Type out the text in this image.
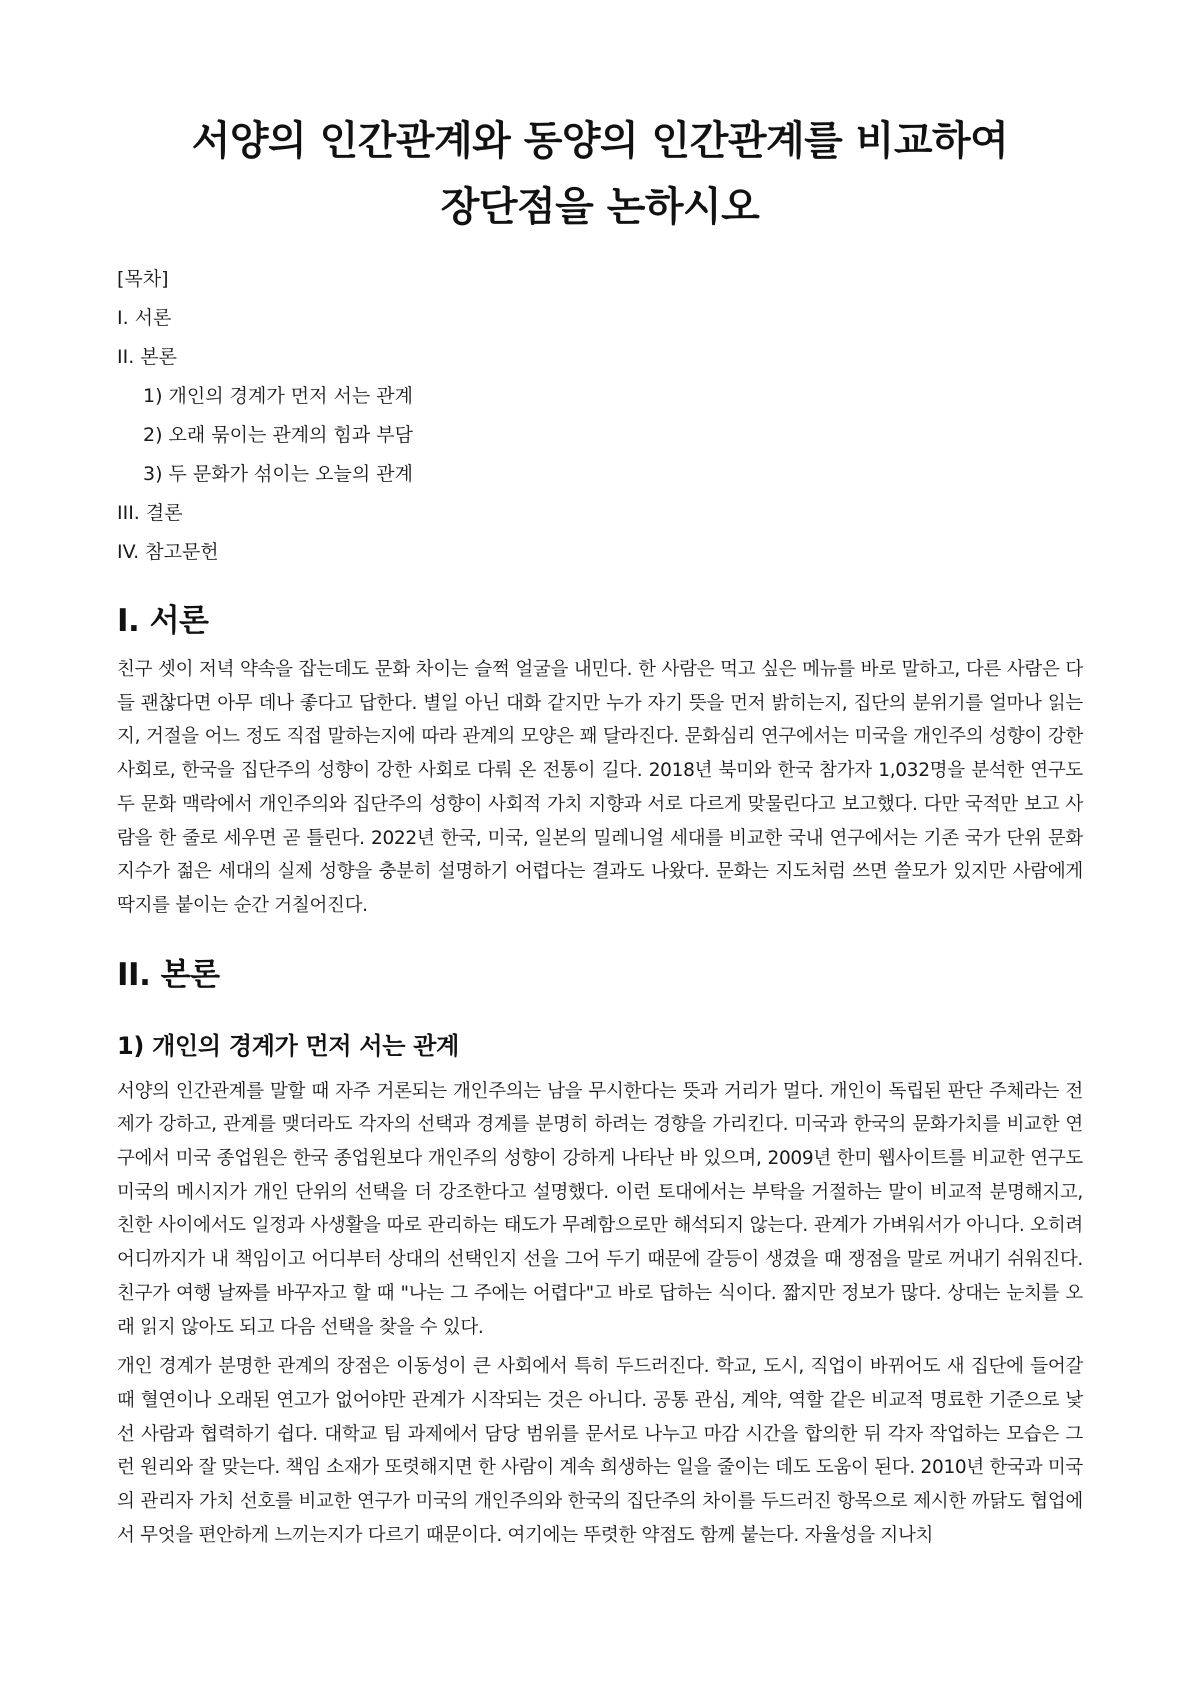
서양의 인간관계와 동양의 인간관계를 비교하여 장단점을 논하시오
[목차]
I. 서론
II. 본론
1) 개인의 경계가 먼저 서는 관계
2) 오래 묶이는 관계의 힘과 부담
3) 두 문화가 섞이는 오늘의 관계
III. 결론
IV. 참고문헌
I. 서론

친구 셋이 저녁 약속을 잡는데도 문화 차이는 슬쩍 얼굴을 내민다. 한 사람은 먹고 싶은 메뉴를 바로 말하고, 다른 사람은 다들 괜찮다면 아무 데나 좋다고 답한다. 별일 아닌 대화 같지만 누가 자기 뜻을 먼저 밝히는지, 집단의 분위기를 얼마나 읽는지, 거절을 어느 정도 직접 말하는지에 따라 관계의 모양은 꽤 달라진다. 문화심리 연구에서는 미국을 개인주의 성향이 강한 사회로, 한국을 집단주의 성향이 강한 사회로 다뤄 온 전통이 길다. 2018년 북미와 한국 참가자 1,032명을 분석한 연구도 두 문화 맥락에서 개인주의와 집단주의 성향이 사회적 가치 지향과 서로 다르게 맞물린다고 보고했다. 다만 국적만 보고 사람을 한 줄로 세우면 곧 틀린다. 2022년 한국, 미국, 일본의 밀레니얼 세대를 비교한 국내 연구에서는 기존 국가 단위 문화 지수가 젊은 세대의 실제 성향을 충분히 설명하기 어렵다는 결과도 나왔다. 문화는 지도처럼 쓰면 쓸모가 있지만 사람에게 딱지를 붙이는 순간 거칠어진다.

II. 본론
1) 개인의 경계가 먼저 서는 관계

서양의 인간관계를 말할 때 자주 거론되는 개인주의는 남을 무시한다는 뜻과 거리가 멀다. 개인이 독립된 판단 주체라는 전제가 강하고, 관계를 맺더라도 각자의 선택과 경계를 분명히 하려는 경향을 가리킨다. 미국과 한국의 문화가치를 비교한 연구에서 미국 종업원은 한국 종업원보다 개인주의 성향이 강하게 나타난 바 있으며, 2009년 한미 웹사이트를 비교한 연구도 미국의 메시지가 개인 단위의 선택을 더 강조한다고 설명했다. 이런 토대에서는 부탁을 거절하는 말이 비교적 분명해지고, 친한 사이에서도 일정과 사생활을 따로 관리하는 태도가 무례함으로만 해석되지 않는다. 관계가 가벼워서가 아니다. 오히려 어디까지가 내 책임이고 어디부터 상대의 선택인지 선을 그어 두기 때문에 갈등이 생겼을 때 쟁점을 말로 꺼내기 쉬워진다. 친구가 여행 날짜를 바꾸자고 할 때 "나는 그 주에는 어렵다"고 바로 답하는 식이다. 짧지만 정보가 많다. 상대는 눈치를 오래 읽지 않아도 되고 다음 선택을 찾을 수 있다.

개인 경계가 분명한 관계의 장점은 이동성이 큰 사회에서 특히 두드러진다. 학교, 도시, 직업이 바뀌어도 새 집단에 들어갈 때 혈연이나 오래된 연고가 없어야만 관계가 시작되는 것은 아니다. 공통 관심, 계약, 역할 같은 비교적 명료한 기준으로 낯선 사람과 협력하기 쉽다. 대학교 팀 과제에서 담당 범위를 문서로 나누고 마감 시간을 합의한 뒤 각자 작업하는 모습은 그런 원리와 잘 맞는다. 책임 소재가 또렷해지면 한 사람이 계속 희생하는 일을 줄이는 데도 도움이 된다. 2010년 한국과 미국의 관리자 가치 선호를 비교한 연구가 미국의 개인주의와 한국의 집단주의 차이를 두드러진 항목으로 제시한 까닭도 협업에서 무엇을 편안하게 느끼는지가 다르기 때문이다. 여기에는 뚜렷한 약점도 함께 붙는다. 자율성을 지나치
